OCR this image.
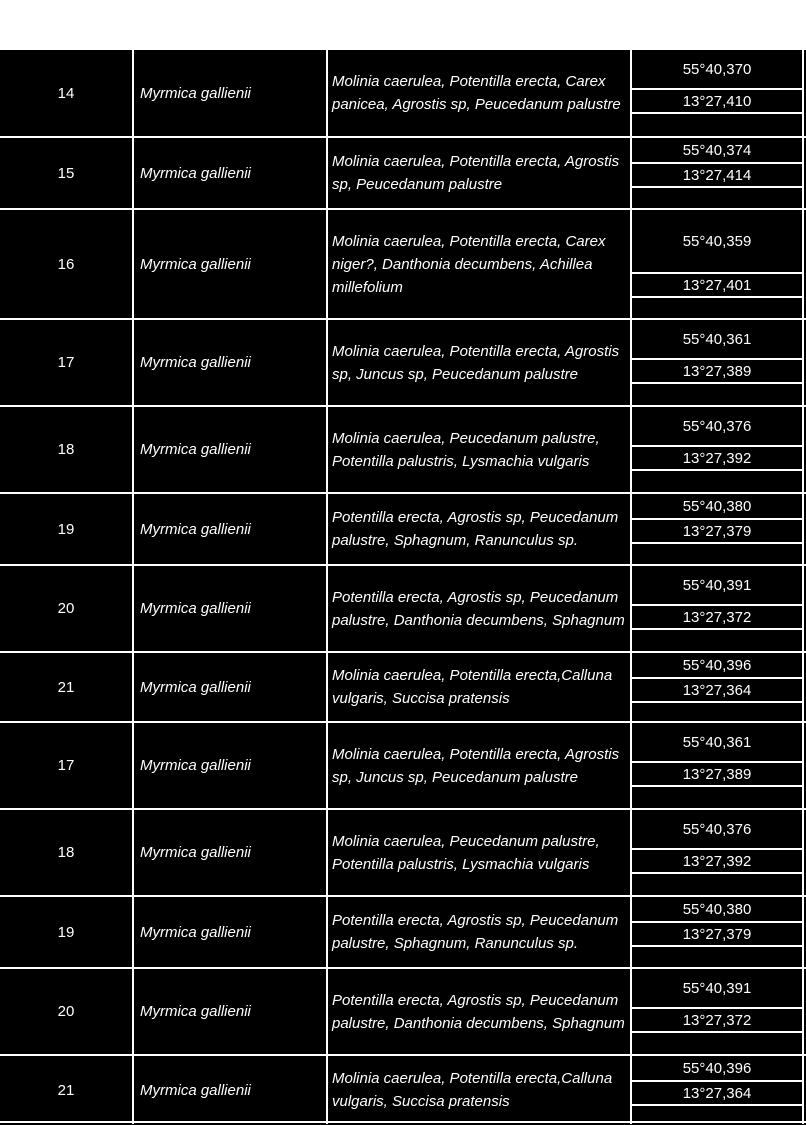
14	Myrmica gallienii
Molinia caerulea, Potentilla erecta, Carex panicea, Agrostis sp, Peucedanum palustre
55°40,370
13°27,410
15	Myrmica gallienii
Molinia caerulea, Potentilla erecta, Agrostis sp, Peucedanum palustre
55°40,374
13°27,414
16	Myrmica gallienii
Molinia caerulea, Potentilla erecta, Carex niger?, Danthonia decumbens, Achillea millefolium
55°40,359
13°27,401
17	Myrmica gallienii
Molinia caerulea, Potentilla erecta, Agrostis sp, Juncus sp, Peucedanum palustre
55°40,361
13°27,389
18	Myrmica gallienii
Molinia caerulea, Peucedanum palustre, Potentilla palustris, Lysmachia vulgaris
55°40,376
13°27,392
19	Myrmica gallienii
Potentilla erecta, Agrostis sp, Peucedanum palustre, Sphagnum, Ranunculus sp.
55°40,380
13°27,379
20	Myrmica gallienii
Potentilla erecta, Agrostis sp, Peucedanum palustre, Danthonia decumbens, Sphagnum
55°40,391
13°27,372
21	Myrmica gallienii
Molinia caerulea, Potentilla erecta,Calluna vulgaris, Succisa pratensis
55°40,396
13°27,364
17	Myrmica gallienii
Molinia caerulea, Potentilla erecta, Agrostis sp, Juncus sp, Peucedanum palustre
55°40,361
13°27,389
18	Myrmica gallienii
Molinia caerulea, Peucedanum palustre, Potentilla palustris, Lysmachia vulgaris
55°40,376
13°27,392
19	Myrmica gallienii
Potentilla erecta, Agrostis sp, Peucedanum palustre, Sphagnum, Ranunculus sp.
55°40,380
13°27,379
20	Myrmica gallienii
Potentilla erecta, Agrostis sp, Peucedanum palustre, Danthonia decumbens, Sphagnum
55°40,391
13°27,372
21	Myrmica gallienii
Molinia caerulea, Potentilla erecta,Calluna vulgaris, Succisa pratensis
55°40,396
13°27,364
